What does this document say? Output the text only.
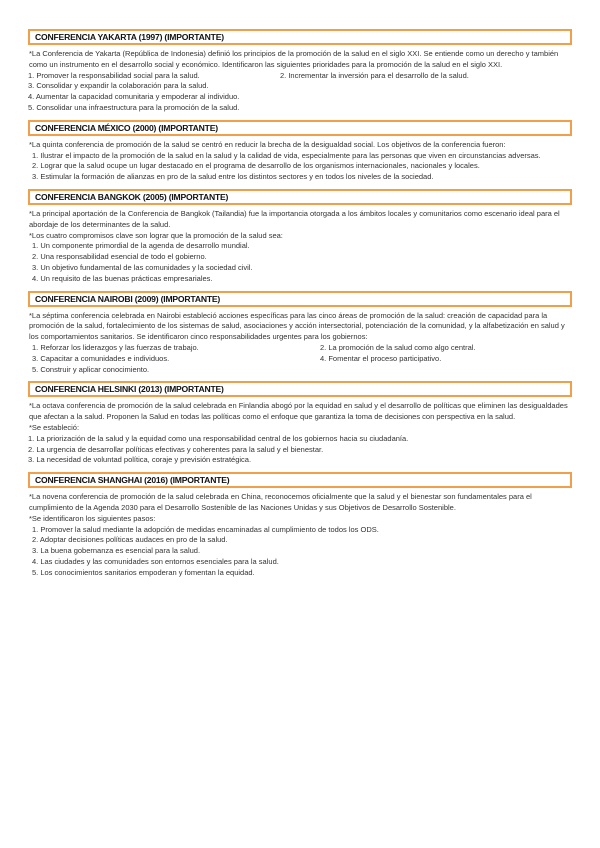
CONFERENCIA YAKARTA (1997) (IMPORTANTE)

*La Conferencia de Yakarta (República de Indonesia) definió los principios de la promoción de la salud en el siglo XXI. Se entiende como un derecho y también como un instrumento en el desarrollo social y económico. Identificaron las siguientes prioridades para la promoción de la salud en el siglo XXI.

1. Promover la responsabilidad social para la salud.	2. Incrementar la inversión para el desarrollo de la salud.
3. Consolidar y expandir la colaboración para la salud.
4. Aumentar la capacidad comunitaria y empoderar al individuo.
5. Consolidar una infraestructura para la promoción de la salud.
CONFERENCIA MÉXICO (2000) (IMPORTANTE)

*La quinta conferencia de promoción de la salud se centró en reducir la brecha de la desigualdad social. Los objetivos de la conferencia fueron:

1. Ilustrar el impacto de la promoción de la salud en la salud y la calidad de vida, especialmente para las personas que viven en circunstancias adversas.
2. Lograr que la salud ocupe un lugar destacado en el programa de desarrollo de los organismos internacionales, nacionales y locales.
3. Estimular la formación de alianzas en pro de la salud entre los distintos sectores y en todos los niveles de la sociedad.
CONFERENCIA BANGKOK (2005) (IMPORTANTE)

*La principal aportación de la Conferencia de Bangkok (Tailandia) fue la importancia otorgada a los ámbitos locales y comunitarios como escenario ideal para el abordaje de los determinantes de la salud.

*Los cuatro compromisos clave son lograr que la promoción de la salud sea:

1. Un componente primordial de la agenda de desarrollo mundial.
2. Una responsabilidad esencial de todo el gobierno.
3. Un objetivo fundamental de las comunidades y la sociedad civil.
4. Un requisito de las buenas prácticas empresariales.
CONFERENCIA NAIROBI (2009) (IMPORTANTE)

*La séptima conferencia celebrada en Nairobi estableció acciones específicas para las cinco áreas de promoción de la salud: creación de capacidad para la promoción de la salud, fortalecimiento de los sistemas de salud, asociaciones y acción intersectorial, potenciación de la comunidad, y la alfabetización en salud y los comportamientos sanitarios. Se identificaron cinco responsabilidades urgentes para los gobiernos:

1. Reforzar los liderazgos y las fuerzas de trabajo.	2. La promoción de la salud como algo central.
3. Capacitar a comunidades e individuos.	4. Fomentar el proceso participativo.
5. Construir y aplicar conocimiento.
CONFERENCIA HELSINKI (2013) (IMPORTANTE)

*La octava conferencia de promoción de la salud celebrada en Finlandia abogó por la equidad en salud y el desarrollo de políticas que eliminen las desigualdades que afectan a la salud. Proponen la Salud en todas las políticas como el enfoque que garantiza la toma de decisiones con perspectiva en la salud.

*Se estableció:

1. La priorización de la salud y la equidad como una responsabilidad central de los gobiernos hacia su ciudadanía.
2. La urgencia de desarrollar políticas efectivas y coherentes para la salud y el bienestar.
3. La necesidad de voluntad política, coraje y previsión estratégica.
CONFERENCIA SHANGHAI (2016) (IMPORTANTE)

*La novena conferencia de promoción de la salud celebrada en China, reconocemos oficialmente que la salud y el bienestar son fundamentales para el cumplimiento de la Agenda 2030 para el Desarrollo Sostenible de las Naciones Unidas y sus Objetivos de Desarrollo Sostenible.

*Se identificaron los siguientes pasos:

1. Promover la salud mediante la adopción de medidas encaminadas al cumplimiento de todos los ODS.
2. Adoptar decisiones políticas audaces en pro de la salud.
3. La buena gobernanza es esencial para la salud.
4. Las ciudades y las comunidades son entornos esenciales para la salud.
5. Los conocimientos sanitarios empoderan y fomentan la equidad.
